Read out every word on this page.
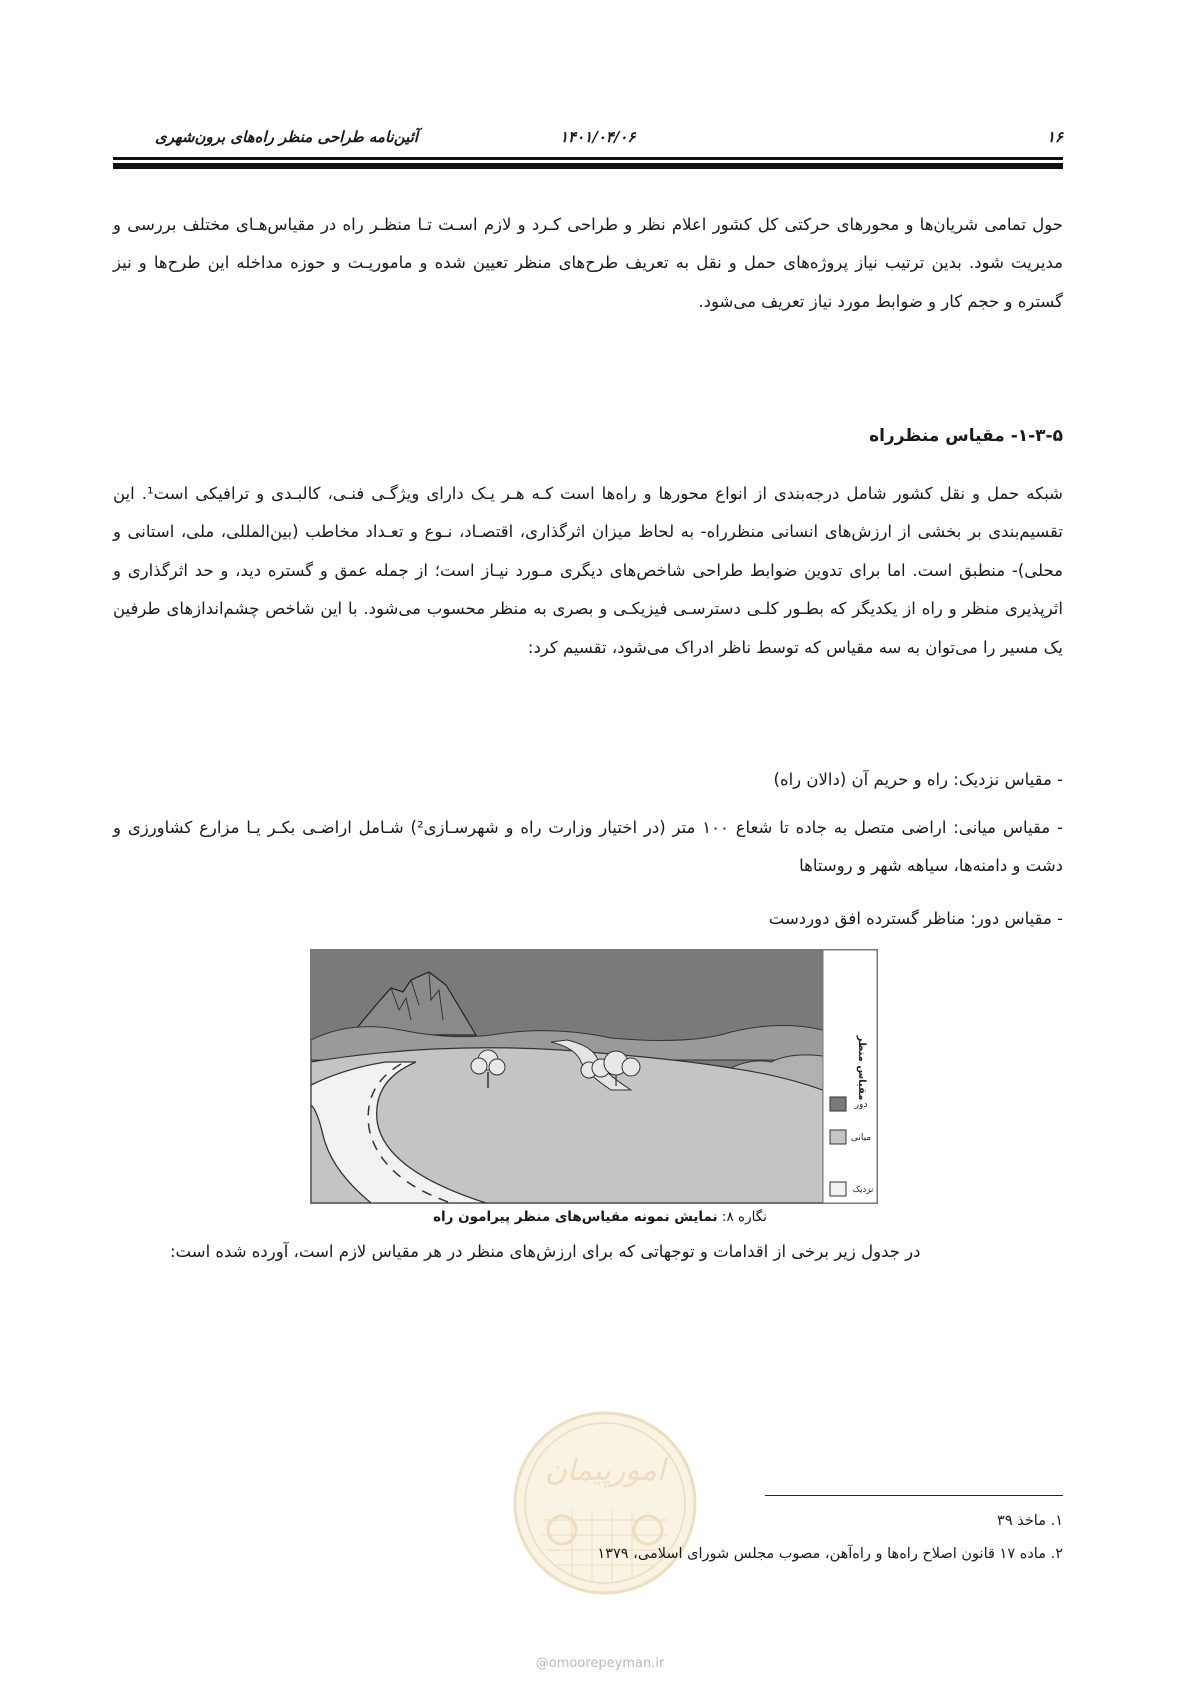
۱۶
۱۴۰۱/۰۴/۰۶
آئین‌نامه طراحی منظر راه‌های برون‌شهری

حول تمامی شریان‌ها و محورهای حرکتی کل کشور اعلام نظر و طراحی کـرد و لازم اسـت تـا منظـر راه در مقیاس‌هـای مختلف بررسی و مدیریت شود. بدین ترتیب نیاز پروژه‌های حمل و نقل به تعریف طرح‌های منظر تعیین شده و ماموریـت و حوزه مداخله این طرح‌ها و نیز گستره و حجم کار و ضوابط مورد نیاز تعریف می‌شود.

۱-۳-۵- مقیاس منظرراه

شبکه حمل و نقل کشور شامل درجه‌بندی از انواع محورها و راه‌ها است کـه هـر یـک دارای ویژگـی فنـی، کالبـدی و ترافیکی است¹. این تقسیم‌بندی بر بخشی از ارزش‌های انسانی منظرراه- به لحاظ میزان اثرگذاری، اقتصـاد، نـوع و تعـداد مخاطب (بین‌المللی، ملی، استانی و محلی)- منطبق است. اما برای تدوین ضوابط طراحی شاخص‌های دیگری مـورد نیـاز است؛ از جمله عمق و گستره دید، و حد اثرگذاری و اثرپذیری منظر و راه از یکدیگر که بطـور کلـی دسترسـی فیزیکـی و بصری به منظر محسوب می‌شود. با این شاخص چشم‌اندازهای طرفین یک مسیر را می‌توان به سه مقیاس که توسط ناظر ادراک می‌شود، تقسیم کرد:

- مقیاس نزدیک: راه و حریم آن (دالان راه)

- مقیاس میانی: اراضی متصل به جاده تا شعاع ۱۰۰ متر (در اختیار وزارت راه و شهرسـازی²) شـامل اراضـی بکـر یـا مزارع کشاورزی و دشت و دامنه‌ها، سیاهه شهر و روستاها

- مقیاس دور: مناظر گسترده افق دوردست
مقیاس منظر
دور
میانی
نزدیک
نگاره ۸: نمایش نمونه مقیاس‌های منظر پیرامون راه
در جدول زیر برخی از اقدامات و توجهاتی که برای ارزش‌های منظر در هر مقیاس لازم است، آورده شده است:
امورپیمان
@omoorepeyman.ir
۱. ماخذ ۳۹
۲. ماده ۱۷ قانون اصلاح راه‌ها و راه‌آهن، مصوب مجلس شورای اسلامی، ۱۳۷۹
